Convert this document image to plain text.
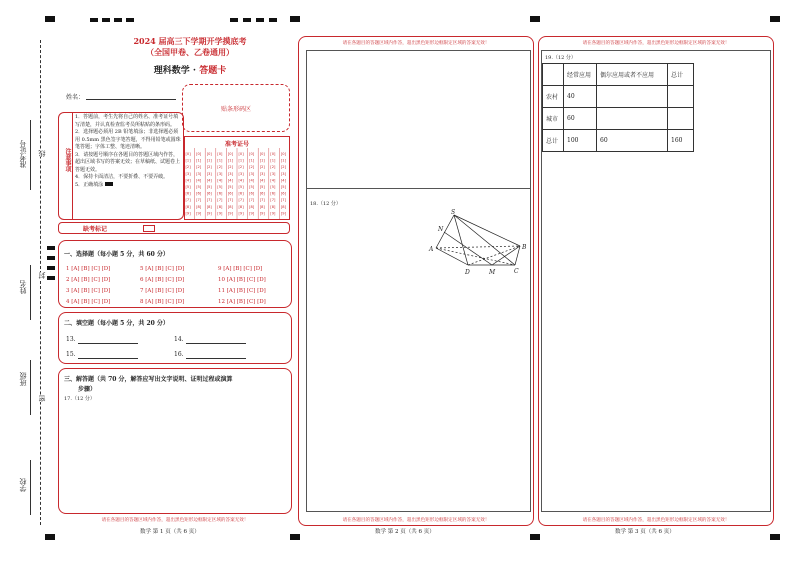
准考证号 线
姓名
封
班级
密
学校
2024 届高三下学期开学摸底考
（全国甲卷、乙卷通用）
理科数学 · 答题卡
姓名：
贴条形码区
注意事项
1．答题前，考生先将自己的姓名、准考证号填写清楚，并认真检查监考员所粘贴的条形码。
2．选择题必须用 2B 铅笔填涂；非选择题必须用 0.5mm 黑色签字笔答题，不得用铅笔或圆珠笔答题；字体工整、笔迹清晰。
3．请按题号顺序在各题目的答题区域内作答，超出区域书写的答案无效；在草稿纸、试题卷上答题无效。
4．保持卡面清洁，不要折叠、不要弄破。
5．正确填涂
准考证号
[0]
[1]
[2]
[3]
[4]
[5]
[6]
[7]
[8]
[9]
[0]
[1]
[2]
[3]
[4]
[5]
[6]
[7]
[8]
[9]
[0]
[1]
[2]
[3]
[4]
[5]
[6]
[7]
[8]
[9]
[0]
[1]
[2]
[3]
[4]
[5]
[6]
[7]
[8]
[9]
[0]
[1]
[2]
[3]
[4]
[5]
[6]
[7]
[8]
[9]
[0]
[1]
[2]
[3]
[4]
[5]
[6]
[7]
[8]
[9]
[0]
[1]
[2]
[3]
[4]
[5]
[6]
[7]
[8]
[9]
[0]
[1]
[2]
[3]
[4]
[5]
[6]
[7]
[8]
[9]
[0]
[1]
[2]
[3]
[4]
[5]
[6]
[7]
[8]
[9]
[0]
[1]
[2]
[3]
[4]
[5]
[6]
[7]
[8]
[9]
缺考标记
一、选择题（每小题 5 分，共 60 分）
1 [A] [B] [C] [D]
2 [A] [B] [C] [D]
3 [A] [B] [C] [D]
4 [A] [B] [C] [D]
5 [A] [B] [C] [D]
6 [A] [B] [C] [D]
7 [A] [B] [C] [D]
8 [A] [B] [C] [D]
9 [A] [B] [C] [D]
10 [A] [B] [C] [D]
11 [A] [B] [C] [D]
12 [A] [B] [C] [D]
二、填空题（每小题 5 分，共 20 分）
13.	14.
15.	16.
三、解答题（共 70 分，解答应写出文字说明、证明过程或演算
步骤）
17.（12 分）
请在各题目的答题区域内作答，超出黑色矩形边框限定区域的答案无效！
数学 第 1 页（共 6 页）
请在各题目的答题区域内作答，超出黑色矩形边框限定区域的答案无效！
18.（12 分）
S
N
A	B
C
D	M
请在各题目的答题区域内作答，超出黑色矩形边框限定区域的答案无效！
数学 第 2 页（共 6 页）
请在各题目的答题区域内作答，超出黑色矩形边框限定区域的答案无效！
19.（12 分）
	经常应用	偶尔应用或者不应用	总计
农村	40		
城市	60		
总计	100	60	160
请在各题目的答题区域内作答，超出黑色矩形边框限定区域的答案无效！
数学 第 3 页（共 6 页）
